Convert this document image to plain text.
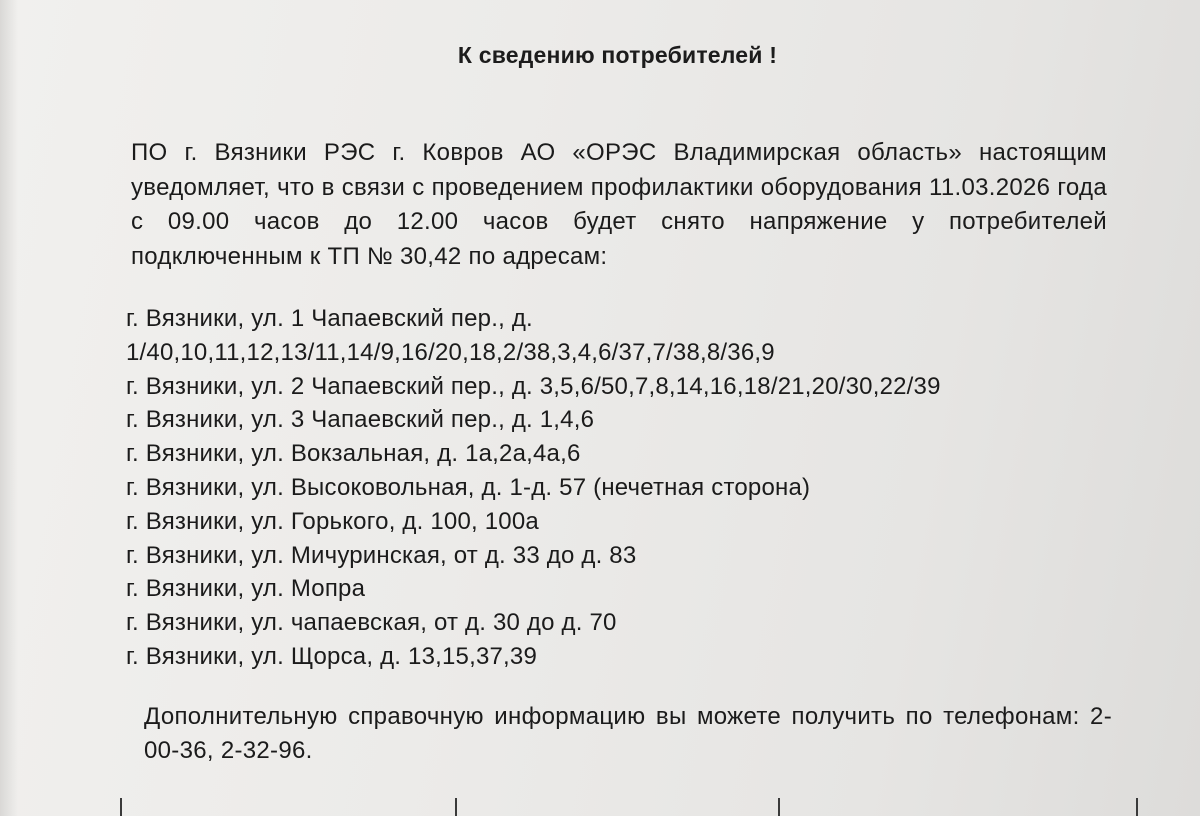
К сведению потребителей !

ПО г. Вязники РЭС г. Ковров АО «ОРЭС Владимирская область» настоящим уведомляет, что в связи с проведением профилактики оборудования 11.03.2026 года с 09.00 часов до 12.00 часов будет снято напряжение у потребителей подключенным к ТП № 30,42 по адресам:

г. Вязники, ул. 1 Чапаевский пер., д. 1/40,10,11,12,13/11,14/9,16/20,18,2/38,3,4,6/37,7/38,8/36,9
г. Вязники, ул. 2 Чапаевский пер., д. 3,5,6/50,7,8,14,16,18/21,20/30,22/39
г. Вязники, ул. 3 Чапаевский пер., д. 1,4,6
г. Вязники, ул. Вокзальная, д. 1а,2а,4а,6
г. Вязники, ул. Высоковольная, д. 1-д. 57 (нечетная сторона)
г. Вязники, ул. Горького, д. 100, 100а
г. Вязники, ул. Мичуринская, от д. 33 до д. 83
г. Вязники, ул. Мопра
г. Вязники, ул. чапаевская, от д. 30 до д. 70
г. Вязники, ул. Щорса, д. 13,15,37,39

Дополнительную справочную информацию вы можете получить по телефонам: 2-00-36, 2-32-96.
